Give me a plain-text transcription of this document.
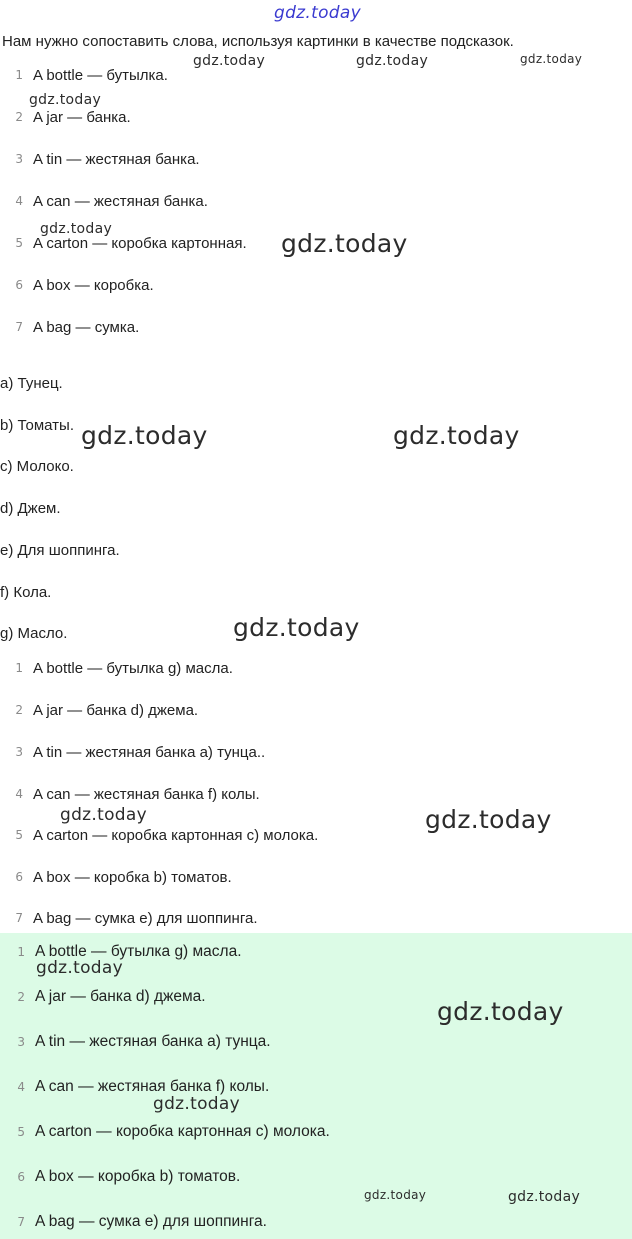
gdz.today
Нам нужно сопоставить слова, используя картинки в качестве подсказок.
1 A bottle — бутылка.
2 A jar — банка.
3 A tin — жестяная банка.
4 A can — жестяная банка.
5 A carton — коробка картонная.
6 A box — коробка.
7 A bag — сумка.
a) Тунец.
b) Томаты.
c) Молоко.
d) Джем.
e) Для шоппинга.
f) Кола.
g) Масло.
1 A bottle — бутылка g) масла.
2 A jar — банка d) джема.
3 A tin — жестяная банка a) тунца..
4 A can — жестяная банка f) колы.
5 A carton — коробка картонная c) молока.
6 A box — коробка b) томатов.
7 A bag — сумка e) для шоппинга.
1 A bottle — бутылка g) масла.
2 A jar — банка d) джема.
3 A tin — жестяная банка a) тунца.
4 A can — жестяная банка f) колы.
5 A carton — коробка картонная c) молока.
6 A box — коробка b) томатов.
7 A bag — сумка e) для шоппинга.
gdz.today	gdz.today	gdz.today
gdz.today
gdz.today	gdz.today
gdz.today	gdz.today
gdz.today
gdz.today	gdz.today
gdz.today
gdz.today
gdz.today
gdz.today	gdz.today
